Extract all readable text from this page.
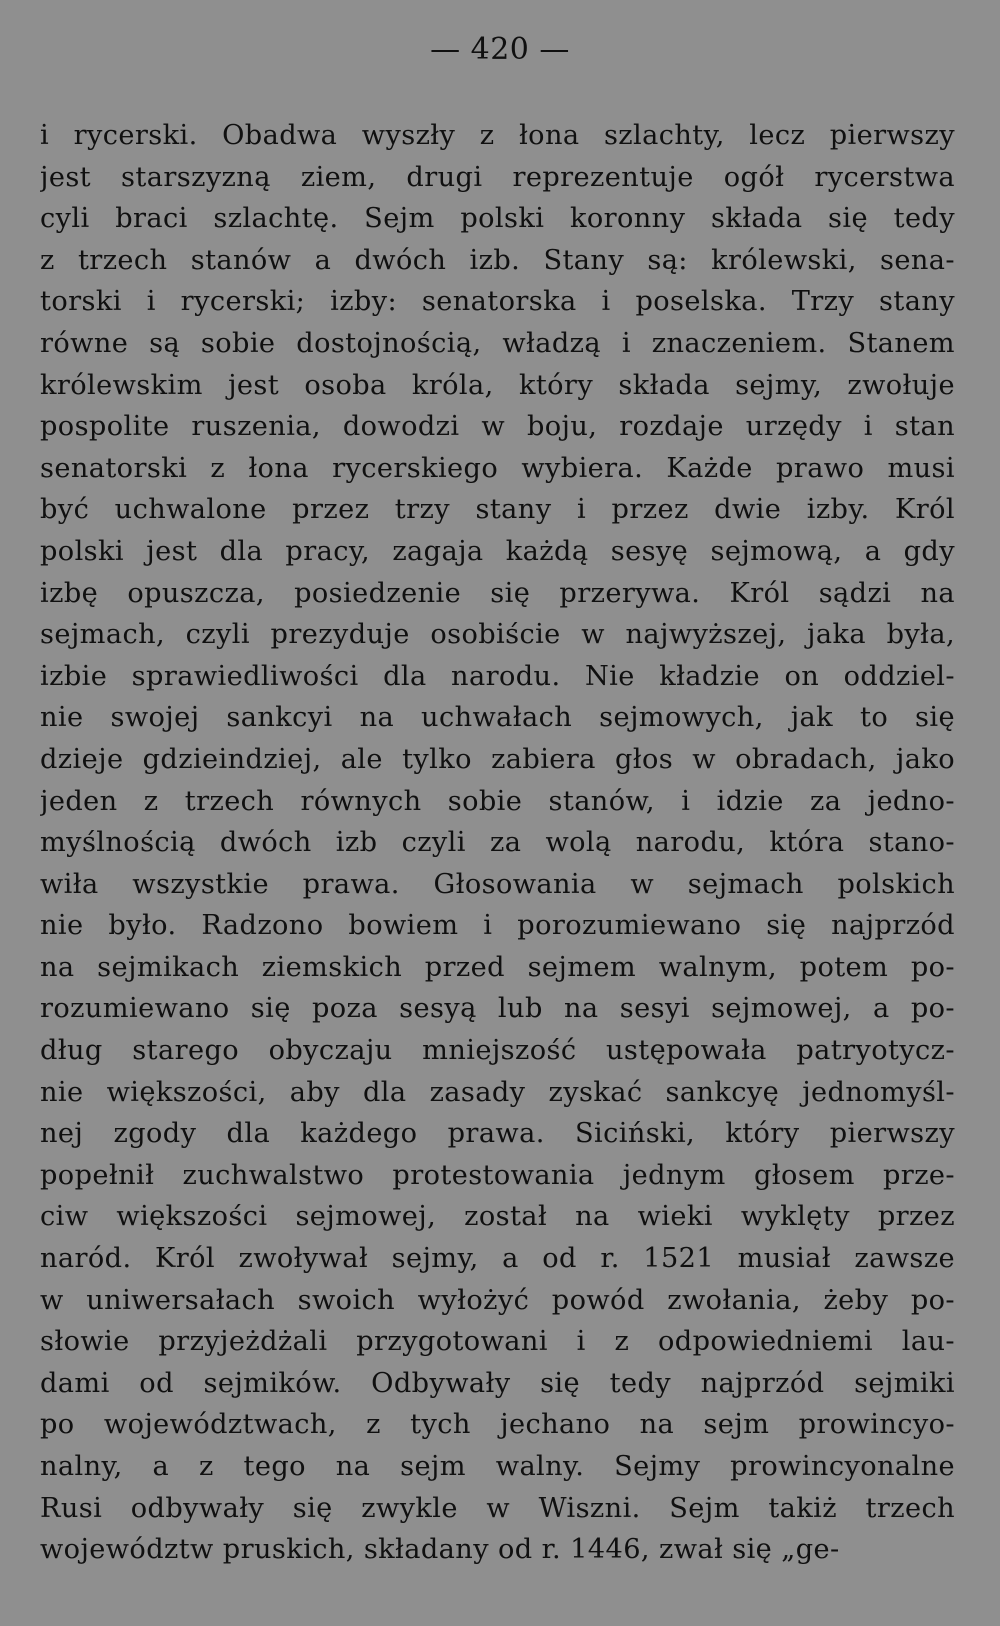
— 420 —
i rycerski. Obadwa wyszły z łona szlachty, lecz pierwszy
jest starszyzną ziem, drugi reprezentuje ogół rycerstwa
cyli braci szlachtę. Sejm polski koronny składa się tedy
z trzech stanów a dwóch izb. Stany są: królewski, sena-
torski i rycerski; izby: senatorska i poselska. Trzy stany
równe są sobie dostojnością, władzą i znaczeniem. Stanem
królewskim jest osoba króla, który składa sejmy, zwołuje
pospolite ruszenia, dowodzi w boju, rozdaje urzędy i stan
senatorski z łona rycerskiego wybiera. Każde prawo musi
być uchwalone przez trzy stany i przez dwie izby. Król
polski jest dla pracy, zagaja każdą sesyę sejmową, a gdy
izbę opuszcza, posiedzenie się przerywa. Król sądzi na
sejmach, czyli prezyduje osobiście w najwyższej, jaka była,
izbie sprawiedliwości dla narodu. Nie kładzie on oddziel-
nie swojej sankcyi na uchwałach sejmowych, jak to się
dzieje gdzieindziej, ale tylko zabiera głos w obradach, jako
jeden z trzech równych sobie stanów, i idzie za jedno-
myślnością dwóch izb czyli za wolą narodu, która stano-
wiła wszystkie prawa. Głosowania w sejmach polskich
nie było. Radzono bowiem i porozumiewano się najprzód
na sejmikach ziemskich przed sejmem walnym, potem po-
rozumiewano się poza sesyą lub na sesyi sejmowej, a po-
dług starego obyczaju mniejszość ustępowała patryotycz-
nie większości, aby dla zasady zyskać sankcyę jednomyśl-
nej zgody dla każdego prawa. Siciński, który pierwszy
popełnił zuchwalstwo protestowania jednym głosem prze-
ciw większości sejmowej, został na wieki wyklęty przez
naród. Król zwoływał sejmy, a od r. 1521 musiał zawsze
w uniwersałach swoich wyłożyć powód zwołania, żeby po-
słowie przyjeżdżali przygotowani i z odpowiedniemi lau-
dami od sejmików. Odbywały się tedy najprzód sejmiki
po województwach, z tych jechano na sejm prowincyo-
nalny, a z tego na sejm walny. Sejmy prowincyonalne
Rusi odbywały się zwykle w Wiszni. Sejm takiż trzech
województw pruskich, składany od r. 1446, zwał się „ge-
